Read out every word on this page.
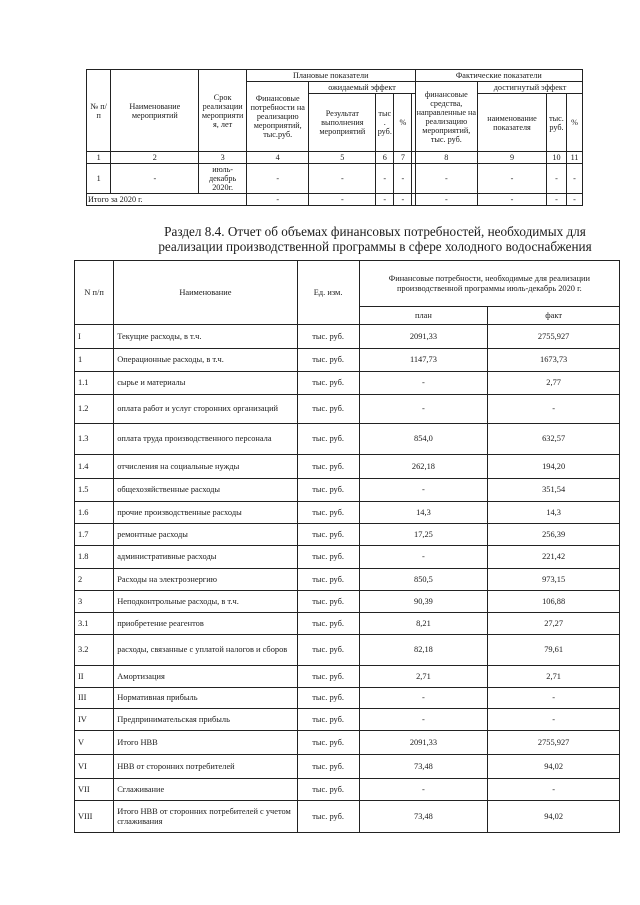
№ п/ п	Наименование мероприятий	Срок реализации мероприяти я, лет	Плановые показатели					Фактические показатели			
			Финансовые потребности на реализацию мероприятий, тыс.руб.	ожидаемый эффект				финансовые средства, направленные на реализацию мероприятий, тыс. руб.	достигнутый эффект		
				Результат выполнения мероприятий	тыс . руб.	%			наименование показателя	тыс. руб.	%
1	2	3	4	5	6	7		8	9	10	11
1	-	июль- декабрь 2020г.	-	-	-	-		-	-	-	-
Итого за 2020 г.			-	-	-	-		-	-	-	-
Раздел 8.4. Отчет об объемах финансовых потребностей, необходимых для реализации производственной программы в сфере холодного водоснабжения
N п/п	Наименование	Ед. изм.	Финансовые потребности, необходимые для реализации производственной программы июль-декабрь 2020 г.	
			план	факт
I	Текущие расходы, в т.ч.	тыс. руб.	2091,33	2755,927
1	Операционные расходы, в т.ч.	тыс. руб.	1147,73	1673,73
1.1	сырье и материалы	тыс. руб.	-	2,77
1.2	оплата работ и услуг сторонних организаций	тыс. руб.	-	-
1.3	оплата труда производственного персонала	тыс. руб.	854,0	632,57
1.4	отчисления на социальные нужды	тыс. руб.	262,18	194,20
1.5	общехозяйственные расходы	тыс. руб.	-	351,54
1.6	прочие производственные расходы	тыс. руб.	14,3	14,3
1.7	ремонтные расходы	тыс. руб.	17,25	256,39
1.8	административные расходы	тыс. руб.	-	221,42
2	Расходы на электроэнергию	тыс. руб.	850,5	973,15
3	Неподконтрольные расходы, в т.ч.	тыс. руб.	90,39	106,88
3.1	приобретение реагентов	тыс. руб.	8,21	27,27
3.2	расходы, связанные с уплатой налогов и сборов	тыс. руб.	82,18	79,61
II	Амортизация	тыс. руб.	2,71	2,71
III	Нормативная прибыль	тыс. руб.	-	-
IV	Предпринимательская прибыль	тыс. руб.	-	-
V	Итого НВВ	тыс. руб.	2091,33	2755,927
VI	НВВ от сторонних потребителей	тыс. руб.	73,48	94,02
VII	Сглаживание	тыс. руб.	-	-
VIII	Итого НВВ от сторонних потребителей с учетом сглаживания	тыс. руб.	73,48	94,02
